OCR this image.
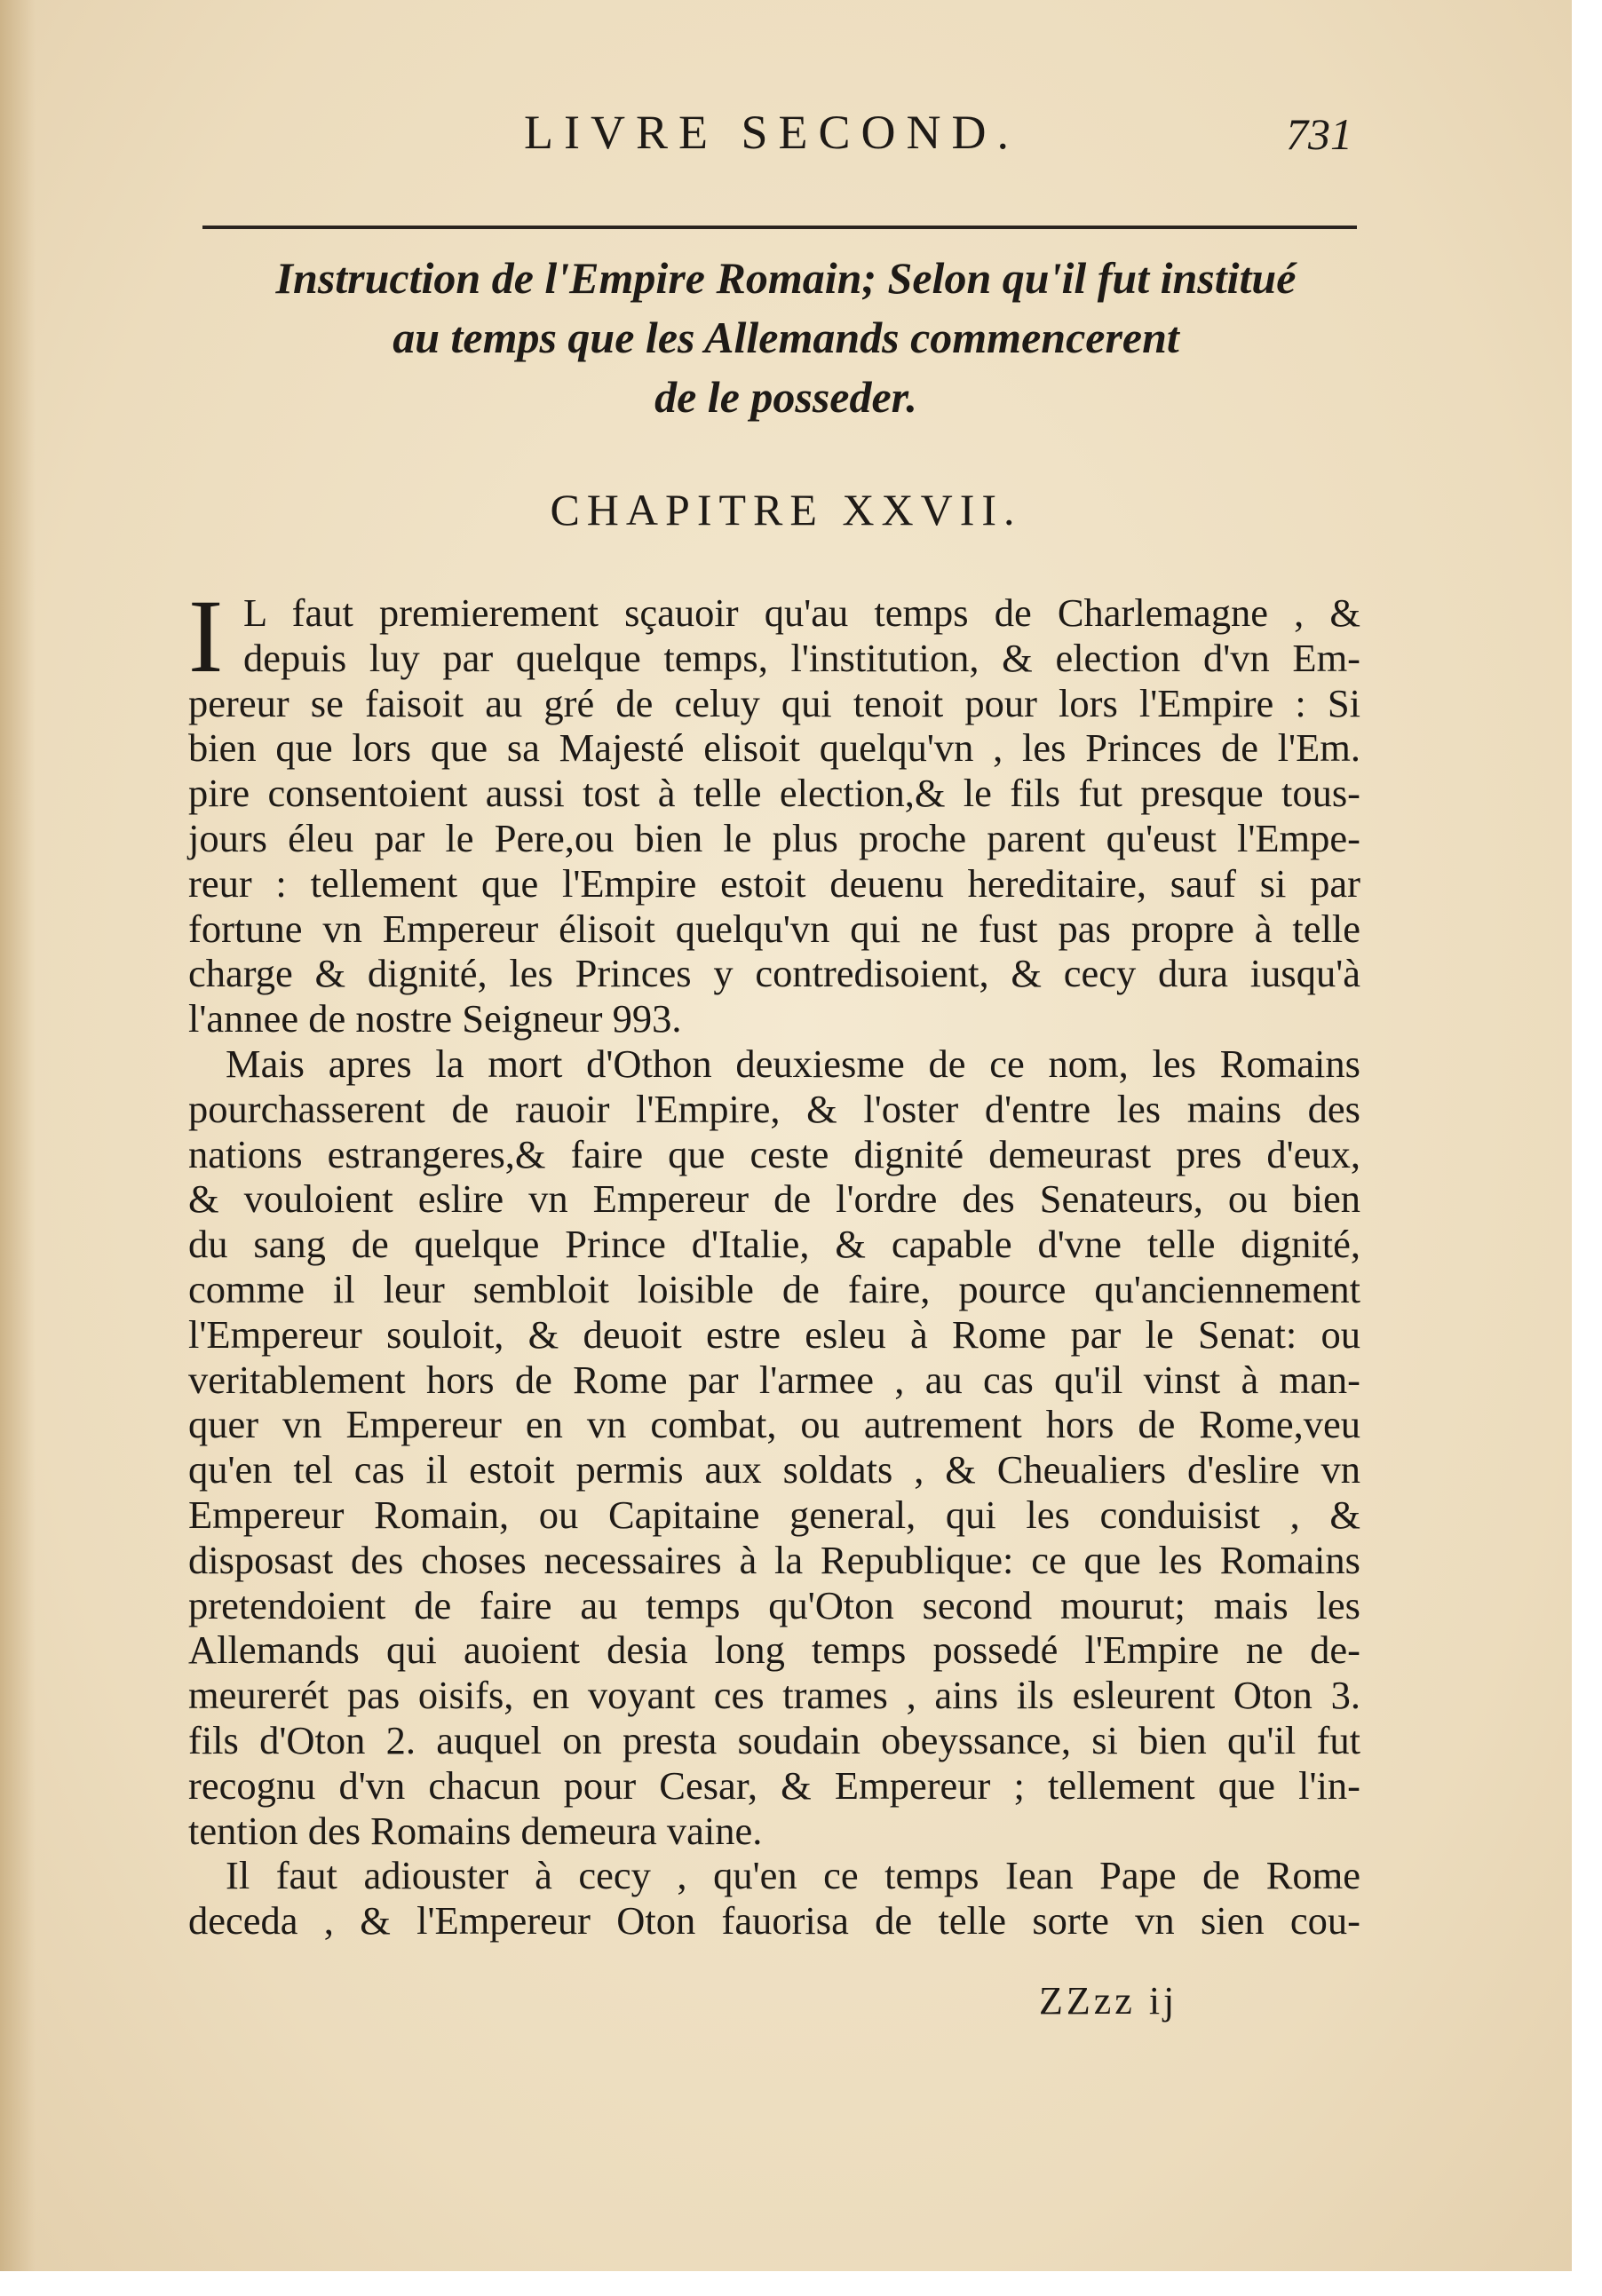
LIVRE SECOND.	731
Instruction de l'Empire Romain; Selon qu'il fut institué
au temps que les Allemands commencerent
de le posseder.
CHAPITRE XXVII.
I L faut premierement sçauoir qu'au temps de Charlemagne , &
depuis luy par quelque temps, l'institution, & election d'vn Em-
pereur se faisoit au gré de celuy qui tenoit pour lors l'Empire : Si
bien que lors que sa Majesté elisoit quelqu'vn , les Princes de l'Em.
pire consentoient aussi tost à telle election,& le fils fut presque tous-
jours éleu par le Pere,ou bien le plus proche parent qu'eust l'Empe-
reur : tellement que l'Empire estoit deuenu hereditaire, sauf si par
fortune vn Empereur élisoit quelqu'vn qui ne fust pas propre à telle
charge & dignité, les Princes y contredisoient, & cecy dura iusqu'à
l'annee de nostre Seigneur 993.
Mais apres la mort d'Othon deuxiesme de ce nom, les Romains
pourchasserent de rauoir l'Empire, & l'oster d'entre les mains des
nations estrangeres,& faire que ceste dignité demeurast pres d'eux,
& vouloient eslire vn Empereur de l'ordre des Senateurs, ou bien
du sang de quelque Prince d'Italie, & capable d'vne telle dignité,
comme il leur sembloit loisible de faire, pource qu'anciennement
l'Empereur souloit, & deuoit estre esleu à Rome par le Senat: ou
veritablement hors de Rome par l'armee , au cas qu'il vinst à man-
quer vn Empereur en vn combat, ou autrement hors de Rome,veu
qu'en tel cas il estoit permis aux soldats , & Cheualiers d'eslire vn
Empereur Romain, ou Capitaine general, qui les conduisist , &
disposast des choses necessaires à la Republique: ce que les Romains
pretendoient de faire au temps qu'Oton second mourut; mais les
Allemands qui auoient desia long temps possedé l'Empire ne de-
meurerét pas oisifs, en voyant ces trames , ains ils esleurent Oton 3.
fils d'Oton 2. auquel on presta soudain obeyssance, si bien qu'il fut
recognu d'vn chacun pour Cesar, & Empereur ; tellement que l'in-
tention des Romains demeura vaine.
Il faut adiouster à cecy , qu'en ce temps Iean Pape de Rome
deceda , & l'Empereur Oton fauorisa de telle sorte vn sien cou-
ZZzz ij
